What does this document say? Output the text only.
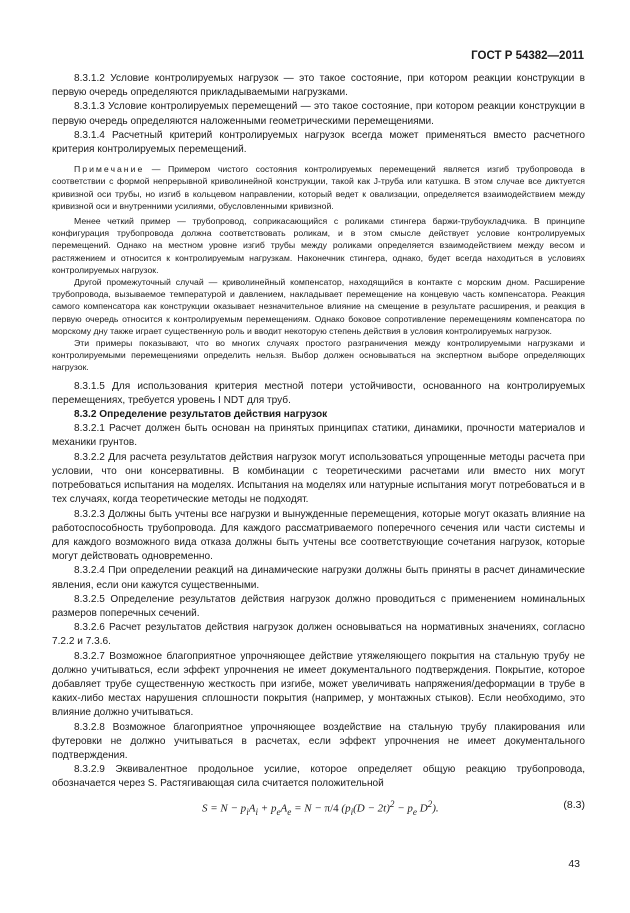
ГОСТ Р 54382—2011

8.3.1.2 Условие контролируемых нагрузок — это такое состояние, при котором реакции конструкции в первую очередь определяются прикладываемыми нагрузками.

8.3.1.3 Условие контролируемых перемещений — это такое состояние, при котором реакции конструкции в первую очередь определяются наложенными геометрическими перемещениями.

8.3.1.4 Расчетный критерий контролируемых нагрузок всегда может применяться вместо расчетного критерия контролируемых перемещений.

Примечание — Примером чистого состояния контролируемых перемещений является изгиб трубопровода в соответствии с формой непрерывной криволинейной конструкции, такой как J-труба или катушка. В этом случае все диктуется кривизной оси трубы, но изгиб в кольцевом направлении, который ведет к овализации, определяется взаимодействием между кривизной оси и внутренними усилиями, обусловленными кривизной.

Менее четкий пример — трубопровод, соприкасающийся с роликами стингера баржи-трубоукладчика. В принципе конфигурация трубопровода должна соответствовать роликам, и в этом смысле действует условие контролируемых перемещений. Однако на местном уровне изгиб трубы между роликами определяется взаимодействием между весом и растяжением и относится к контролируемым нагрузкам. Наконечник стингера, однако, будет всегда находиться в условиях контролируемых нагрузок.

Другой промежуточный случай — криволинейный компенсатор, находящийся в контакте с морским дном. Расширение трубопровода, вызываемое температурой и давлением, накладывает перемещение на концевую часть компенсатора. Реакция самого компенсатора как конструкции оказывает незначительное влияние на смещение в результате расширения, и реакция в первую очередь относится к контролируемым перемещениям. Однако боковое сопротивление перемещениям компенсатора по морскому дну также играет существенную роль и вводит некоторую степень действия в условия контролируемых нагрузок.

Эти примеры показывают, что во многих случаях простого разграничения между контролируемыми нагрузками и контролируемыми перемещениями определить нельзя. Выбор должен основываться на экспертном выборе определяющих нагрузок.

8.3.1.5 Для использования критерия местной потери устойчивости, основанного на контролируемых перемещениях, требуется уровень I NDT для труб.

8.3.2 Определение результатов действия нагрузок

8.3.2.1 Расчет должен быть основан на принятых принципах статики, динамики, прочности материалов и механики грунтов.

8.3.2.2 Для расчета результатов действия нагрузок могут использоваться упрощенные методы расчета при условии, что они консервативны. В комбинации с теоретическими расчетами или вместо них могут потребоваться испытания на моделях. Испытания на моделях или натурные испытания могут потребоваться и в тех случаях, когда теоретические методы не подходят.

8.3.2.3 Должны быть учтены все нагрузки и вынужденные перемещения, которые могут оказать влияние на работоспособность трубопровода. Для каждого рассматриваемого поперечного сечения или части системы и для каждого возможного вида отказа должны быть учтены все соответствующие сочетания нагрузок, которые могут действовать одновременно.

8.3.2.4 При определении реакций на динамические нагрузки должны быть приняты в расчет динамические явления, если они кажутся существенными.

8.3.2.5 Определение результатов действия нагрузок должно проводиться с применением номинальных размеров поперечных сечений.

8.3.2.6 Расчет результатов действия нагрузок должен основываться на нормативных значениях, согласно 7.2.2 и 7.3.6.

8.3.2.7 Возможное благоприятное упрочняющее действие утяжеляющего покрытия на стальную трубу не должно учитываться, если эффект упрочнения не имеет документального подтверждения. Покрытие, которое добавляет трубе существенную жесткость при изгибе, может увеличивать напряжения/деформации в трубе в каких-либо местах нарушения сплошности покрытия (например, у монтажных стыков). Если необходимо, это влияние должно учитываться.

8.3.2.8 Возможное благоприятное упрочняющее воздействие на стальную трубу плакирования или футеровки не должно учитываться в расчетах, если эффект упрочнения не имеет документального подтверждения.

8.3.2.9 Эквивалентное продольное усилие, которое определяет общую реакцию трубопровода, обозначается через S. Растягивающая сила считается положительной

$S = N - p_iA_i + p_eA_e = N - \pi/4$ ($p_i(D - 2t)^2 - p_e$ $D^2$).	(8.3)
43
